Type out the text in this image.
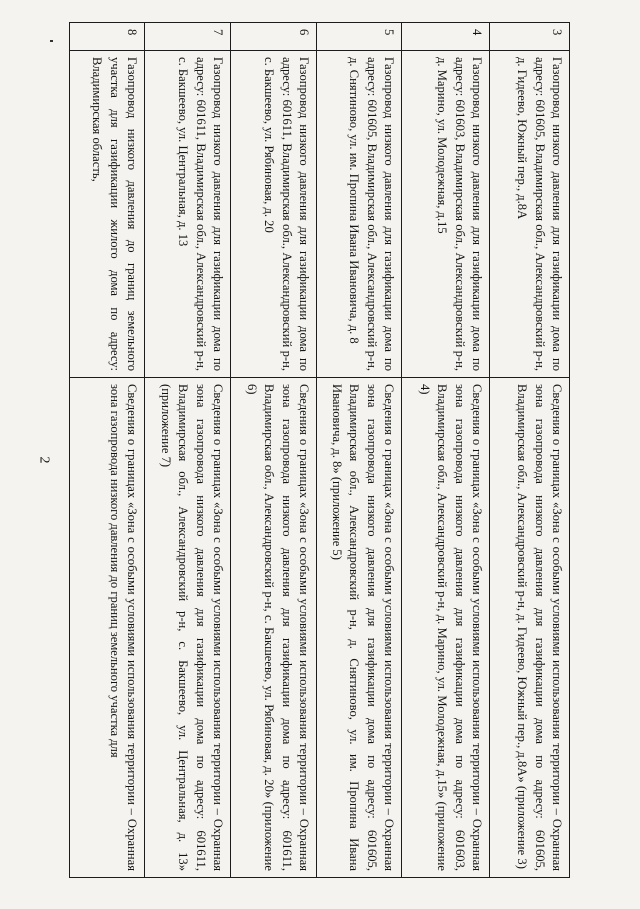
2
3	Газопровод низкого давления для газификации дома по адресу: 601605, Владимирская обл., Александровский р-н, д. Гидеево, Южный пер., д.8А	Сведения о границах «Зона с особыми условиями использования территории – Охранная зона газопровода низкого давления для газификации дома по адресу: 601605, Владимирская обл., Александровский р-н, д. Гидеево, Южный пер., д.8А» (приложение 3)

4	Газопровод низкого давления для газификации дома по адресу: 601603, Владимирская обл., Александровский р-н, д. Марино, ул. Молодежная, д.15	Сведения о границах «Зона с особыми условиями использования территории – Охранная зона газопровода низкого давления для газификации дома по адресу: 601603, Владимирская обл., Александровский р-н, д. Марино, ул. Молодежная, д.15» (приложение 4)

5	Газопровод низкого давления для газификации дома по адресу: 601605, Владимирская обл., Александровский р-н, д. Снятиново, ул. им. Пропина Ивана Ивановича, д. 8	Сведения о границах «Зона с особыми условиями использования территории – Охранная зона газопровода низкого давления для газификации дома по адресу: 601605, Владимирская обл., Александровский р-н, д. Снятиново, ул. им. Пропина Ивана Ивановича, д. 8» (приложение 5)

6	Газопровод низкого давления для газификации дома по адресу: 601611, Владимирская обл., Александровский р-н, с. Бакшеево, ул. Рябиновая, д. 20	Сведения о границах «Зона с особыми условиями использования территории – Охранная зона газопровода низкого давления для газификации дома по адресу: 601611, Владимирская обл., Александровский р-н, с. Бакшеево, ул. Рябиновая, д. 20» (приложение 6)

7	Газопровод низкого давления для газификации дома по адресу: 601611, Владимирская обл., Александровский р-н, с. Бакшеево, ул. Центральная, д. 13	Сведения о границах «Зона с особыми условиями использования территории – Охранная зона газопровода низкого давления для газификации дома по адресу: 601611, Владимирская обл., Александровский р-н, с. Бакшеево, ул. Центральная, д. 13» (приложение 7)

8	Газопровод низкого давления до границ земельного участка для газификации жилого дома по адресу: Владимирская область,	Сведения о границах «Зона с особыми условиями использования территории – Охранная зона газопровода низкого давления до границ земельного участка для
